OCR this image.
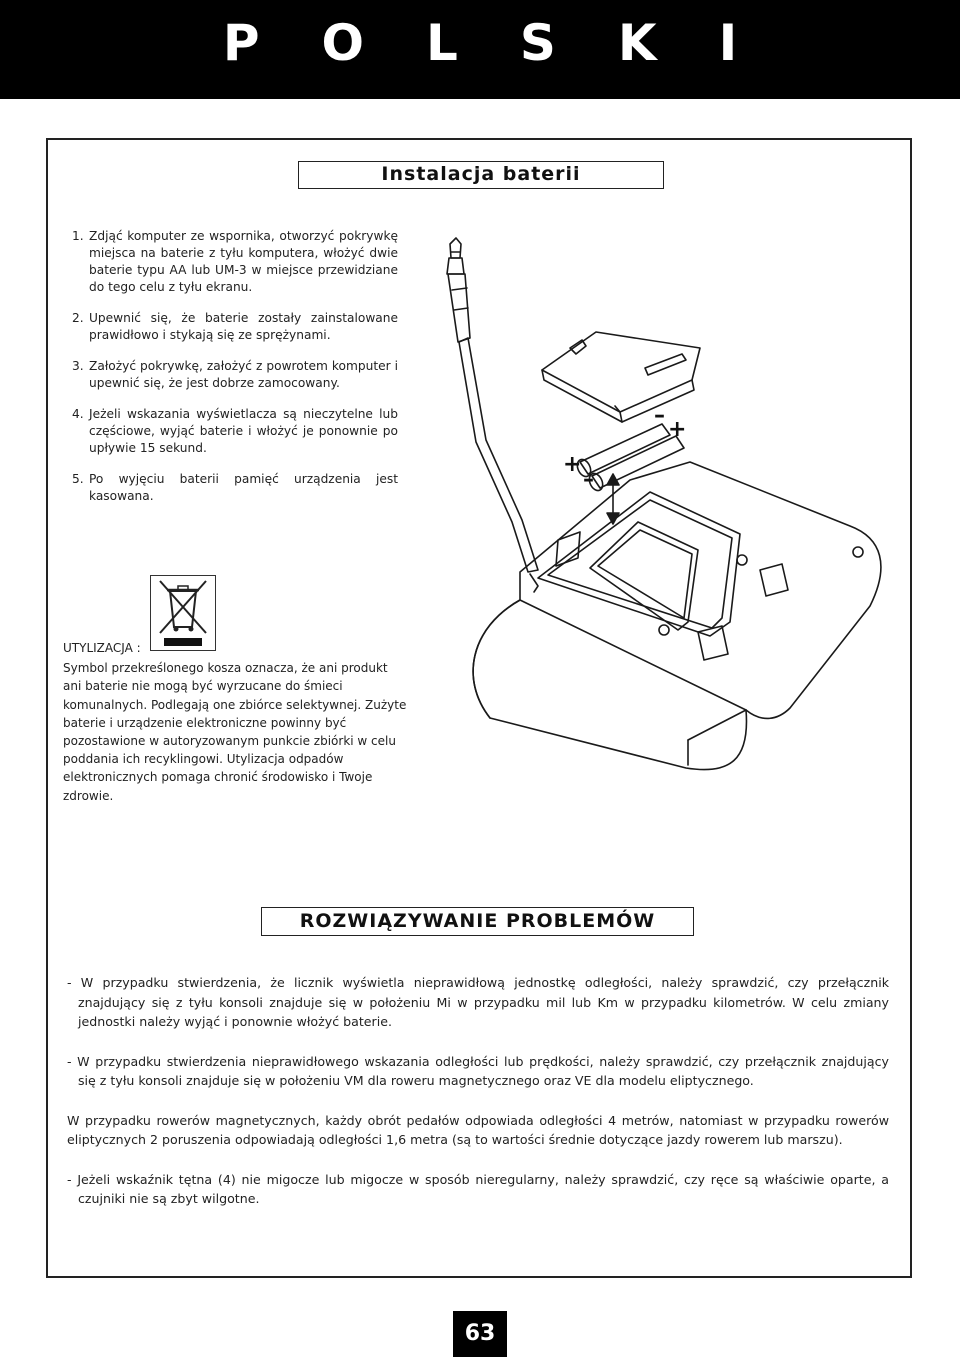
POLSKI
Instalacja baterii
1. Zdjąć komputer ze wspornika, otworzyć pokrywkę miejsca na baterie z tyłu komputera, włożyć dwie baterie typu AA lub UM-3 w miejsce przewidziane do tego celu z tyłu ekranu.
2. Upewnić się, że baterie zostały zainstalowane prawidłowo i stykają się ze sprężynami.
3. Założyć pokrywkę, założyć z powrotem komputer i upewnić się, że jest dobrze zamocowany.
4. Jeżeli wskazania wyświetlacza są nieczytelne lub częściowe, wyjąć baterie i włożyć je ponownie po upływie 15 sekund.
5. Po wyjęciu baterii pamięć urządzenia jest kasowana.
UTYLIZACJA :
Symbol przekreślonego kosza oznacza, że ani produkt ani baterie nie mogą być wyrzucane do śmieci komunalnych. Podlegają one zbiórce selektywnej. Zużyte baterie i urządzenie elektroniczne powinny być pozostawione w autoryzowanym punkcie zbiórki w celu poddania ich recyklingowi. Utylizacja odpadów elektronicznych pomaga chronić środowisko i Twoje zdrowie.
+
+
–
–
ROZWIĄZYWANIE PROBLEMÓW

- W przypadku stwierdzenia, że licznik wyświetla nieprawidłową jednostkę odległości, należy sprawdzić, czy przełącznik znajdujący się z tyłu konsoli znajduje się w położeniu Mi w przypadku mil lub Km w przypadku kilometrów. W celu zmiany jednostki należy wyjąć i ponownie włożyć baterie.

- W przypadku stwierdzenia nieprawidłowego wskazania odległości lub prędkości, należy sprawdzić, czy przełącznik znajdujący się z tyłu konsoli znajduje się w położeniu VM dla roweru magnetycznego oraz VE dla modelu eliptycznego.

W przypadku rowerów magnetycznych, każdy obrót pedałów odpowiada odległości 4 metrów, natomiast w przypadku rowerów eliptycznych 2 poruszenia odpowiadają odległości 1,6 metra (są to wartości średnie dotyczące jazdy rowerem lub marszu).

- Jeżeli wskaźnik tętna (4) nie migocze lub migocze w sposób nieregularny, należy sprawdzić, czy ręce są właściwie oparte, a czujniki nie są zbyt wilgotne.

63
